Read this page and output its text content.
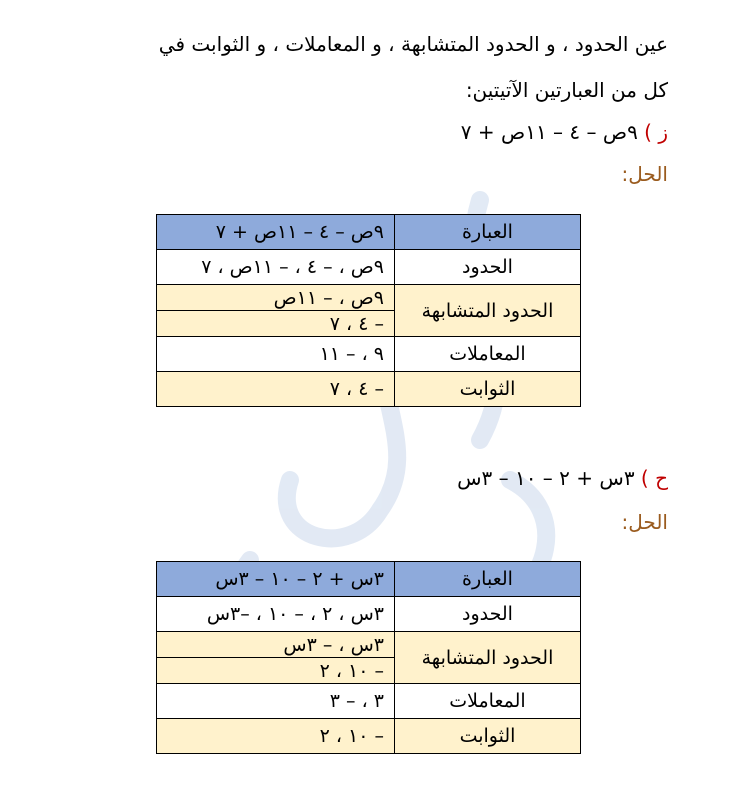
عين الحدود ، و الحدود المتشابهة ، و المعاملات ، و الثوابت في
كل من العبارتين الآتيتين:
ز ) ٩ص – ٤ – ١١ص + ٧
الحل:
العبارة	٩ص – ٤ – ١١ص + ٧
الحدود	٩ص ، – ٤ ، – ١١ص ، ٧
الحدود المتشابهة	٩ص ، – ١١ص
	– ٤ ، ٧
المعاملات	٩ ، – ١١
الثوابت	– ٤ ، ٧
ح ) ٣س + ٢ – ١٠ – ٣س
الحل:
العبارة	٣س + ٢ – ١٠ – ٣س
الحدود	٣س ، ٢ ، – ١٠ ، –٣س
الحدود المتشابهة	٣س ، – ٣س
	– ١٠ ، ٢
المعاملات	٣ ، – ٣
الثوابت	– ١٠ ، ٢
